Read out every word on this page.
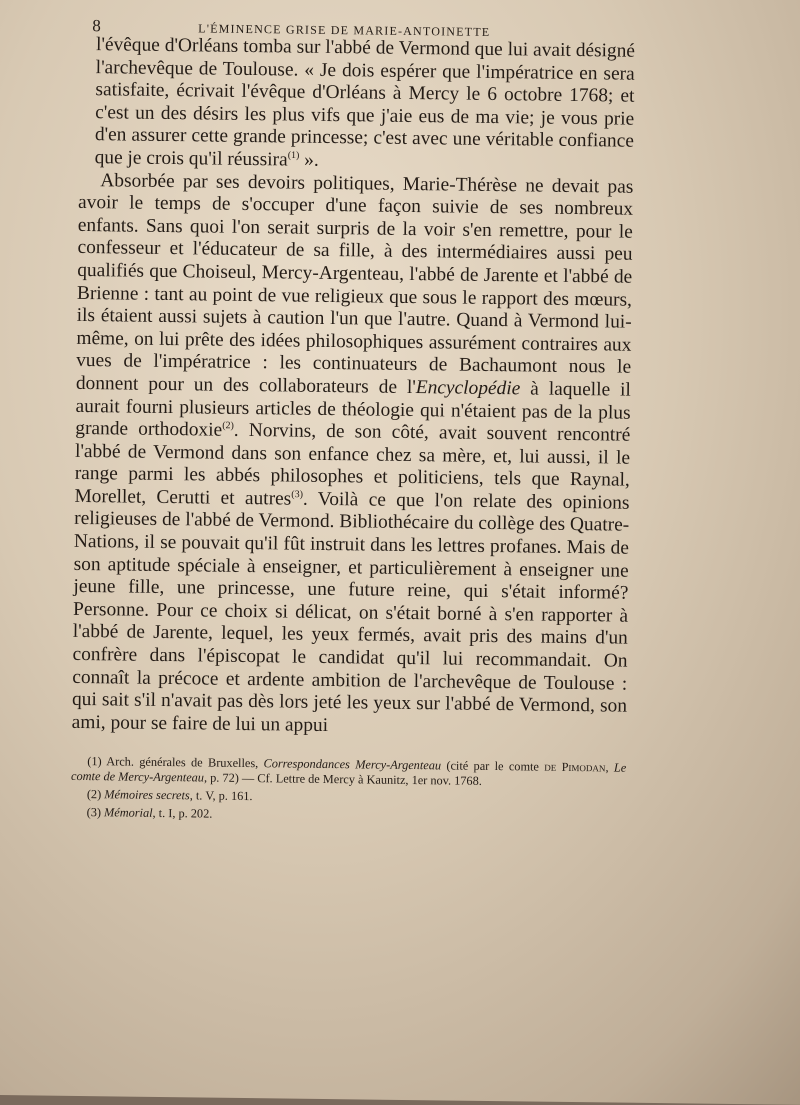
8	L'ÉMINENCE GRISE DE MARIE-ANTOINETTE

l'évêque d'Orléans tomba sur l'abbé de Vermond que lui avait désigné l'archevêque de Toulouse. « Je dois espérer que l'impératrice en sera satisfaite, écrivait l'évêque d'Orléans à Mercy le 6 octobre 1768; et c'est un des désirs les plus vifs que j'aie eus de ma vie; je vous prie d'en assurer cette grande princesse; c'est avec une véritable confiance que je crois qu'il réussira$^{(1)}$ ».

Absorbée par ses devoirs politiques, Marie-Thérèse ne devait pas avoir le temps de s'occuper d'une façon suivie de ses nombreux enfants. Sans quoi l'on serait surpris de la voir s'en remettre, pour le confesseur et l'éducateur de sa fille, à des intermédiaires aussi peu qualifiés que Choiseul, Mercy-Argenteau, l'abbé de Jarente et l'abbé de Brienne : tant au point de vue religieux que sous le rapport des mœurs, ils étaient aussi sujets à caution l'un que l'autre. Quand à Vermond lui-même, on lui prête des idées philosophiques assurément contraires aux vues de l'impératrice : les continuateurs de Bachaumont nous le donnent pour un des collaborateurs de l'Encyclopédie à laquelle il aurait fourni plusieurs articles de théologie qui n'étaient pas de la plus grande orthodoxie$^{(2)}$. Norvins, de son côté, avait souvent rencontré l'abbé de Vermond dans son enfance chez sa mère, et, lui aussi, il le range parmi les abbés philosophes et politiciens, tels que Raynal, Morellet, Cerutti et autres$^{(3)}$. Voilà ce que l'on relate des opinions religieuses de l'abbé de Vermond. Bibliothécaire du collège des Quatre-Nations, il se pouvait qu'il fût instruit dans les lettres profanes. Mais de son aptitude spéciale à enseigner, et particulièrement à enseigner une jeune fille, une princesse, une future reine, qui s'était informé? Personne. Pour ce choix si délicat, on s'était borné à s'en rapporter à l'abbé de Jarente, lequel, les yeux fermés, avait pris des mains d'un confrère dans l'épiscopat le candidat qu'il lui recommandait. On connaît la précoce et ardente ambition de l'archevêque de Toulouse : qui sait s'il n'avait pas dès lors jeté les yeux sur l'abbé de Vermond, son ami, pour se faire de lui un appui

(1) Arch. générales de Bruxelles, Correspondances Mercy-Argenteau (cité par le comte de Pimodan, Le comte de Mercy-Argenteau, p. 72) — Cf. Lettre de Mercy à Kaunitz, 1er nov. 1768.

(2) Mémoires secrets, t. V, p. 161.

(3) Mémorial, t. I, p. 202.
